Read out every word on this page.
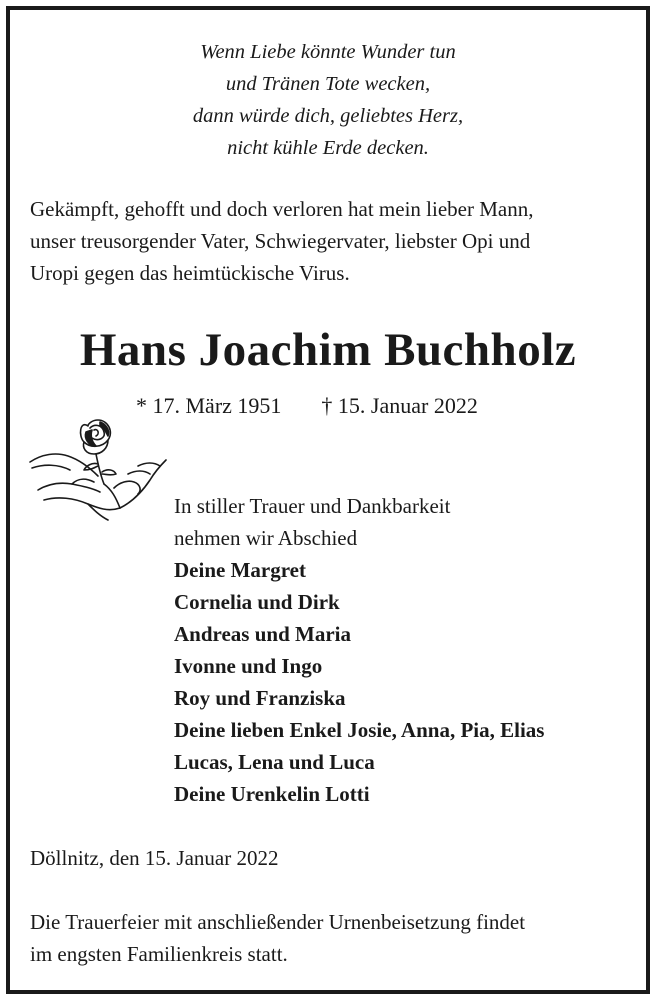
Wenn Liebe könnte Wunder tun
und Tränen Tote wecken,
dann würde dich, geliebtes Herz,
nicht kühle Erde decken.
Gekämpft, gehofft und doch verloren hat mein lieber Mann,
unser treusorgender Vater, Schwiegervater, liebster Opi und
Uropi gegen das heimtückische Virus.
Hans Joachim Buchholz
* 17. März 1951 † 15. Januar 2022
In stiller Trauer und Dankbarkeit
nehmen wir Abschied
Deine Margret
Cornelia und Dirk
Andreas und Maria
Ivonne und Ingo
Roy und Franziska
Deine lieben Enkel Josie, Anna, Pia, Elias
Lucas, Lena und Luca
Deine Urenkelin Lotti
Döllnitz, den 15. Januar 2022
Die Trauerfeier mit anschließender Urnenbeisetzung findet
im engsten Familienkreis statt.
